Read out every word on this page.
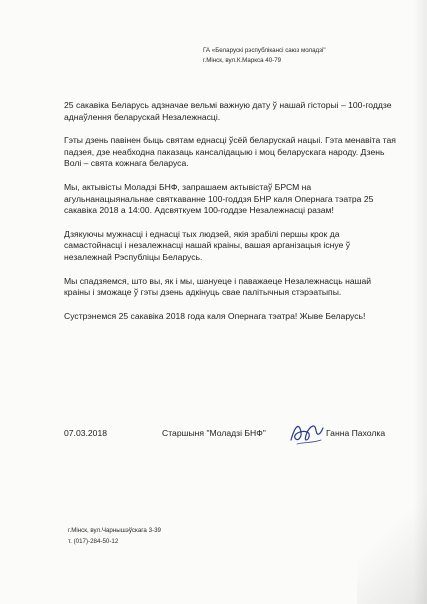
ГА «Беларускі рэспублікансі саюз моладзі"
г.Мінск, вул.К.Маркса 40-79

25 сакавіка Беларусь адзначае вельмі важную дату ў нашай гісторыі – 100-годдзе аднаўлення беларускай Незалежнасці.

Гэты дзень павінен быць святам еднасці ўсёй беларускай нацыі. Гэта менавіта тая падзея, дзе неабходна паказаць кансалідацыю і моц беларускага народу. Дзень Волі – свята кожнага беларуса.

Мы, актывісты Моладзі БНФ, запрашаем актывістаў БРСМ на агульнанацыянальнае святкаванне 100-годдзя БНР каля Опернага тэатра 25 сакавіка 2018 а 14:00. Адсвяткуем 100-годдзе Незалежнасці разам!

Дзякуючы мужнасці і еднасці тых людзей, якія зрабілі першы крок да самастойнасці і незалежнасці нашай краіны, вашая арганізацыя існуе ў незалежнай Рэспубліцы Беларусь.

Мы спадзяемся, што вы, як і мы, шануеце і паважаеце Незалежнасць нашай краіны і зможаце ў гэты дзень адкінуць свае палітычныя стэрэатыпы.

Сустрэнемся 25 сакавіка 2018 года каля Опернага тэатра! Жыве Беларусь!

07.03.2018	Старшыня "Моладзі БНФ"	Ганна Пахолка
г.Мінск, вул.Чарнышэўскага 3-39
т. (017)-284-50-12
